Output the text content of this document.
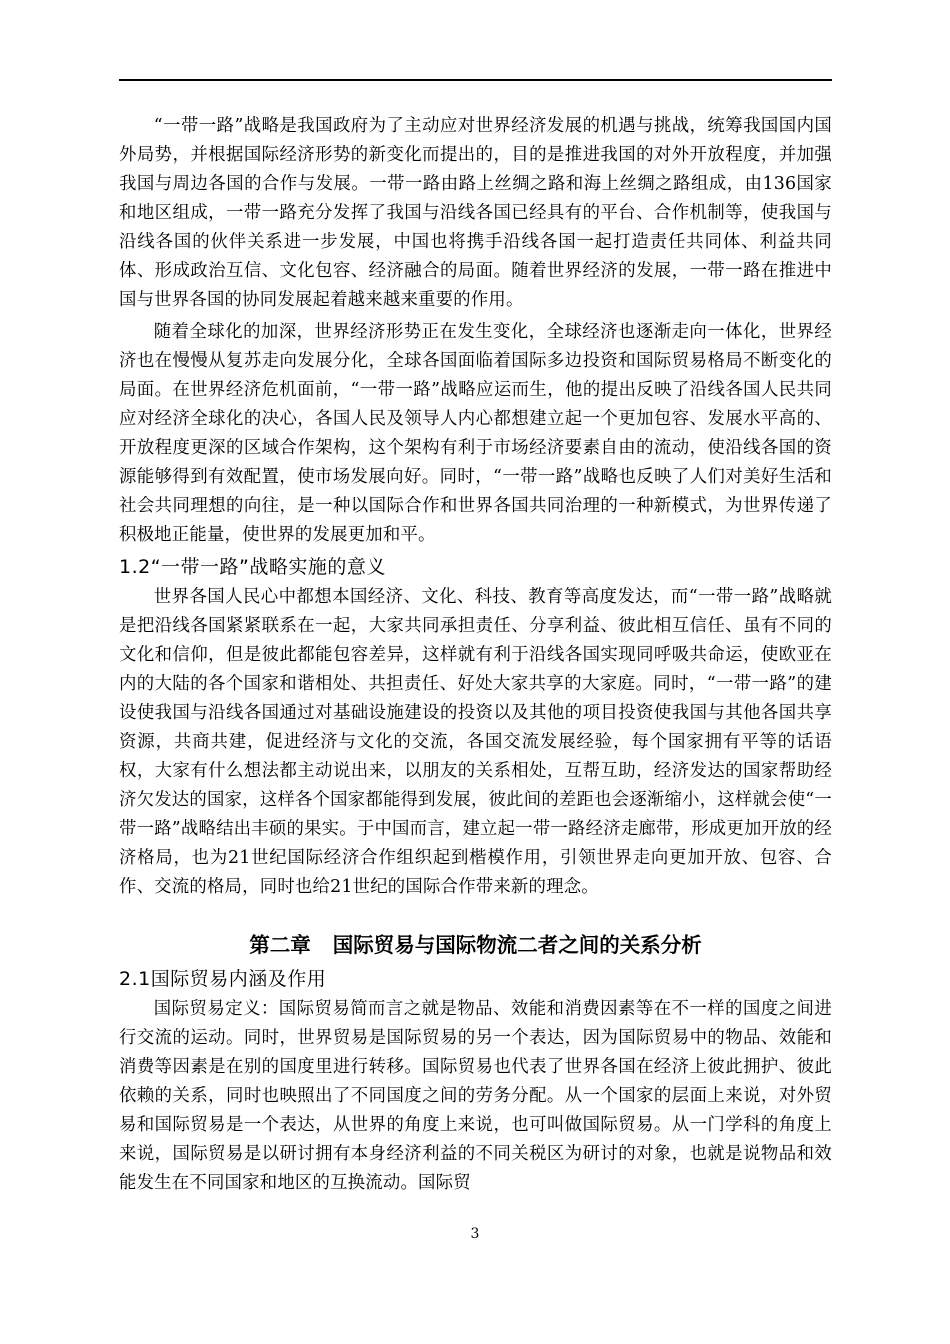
“一带一路”战略是我国政府为了主动应对世界经济发展的机遇与挑战，统筹我国国内国外局势，并根据国际经济形势的新变化而提出的，目的是推进我国的对外开放程度，并加强我国与周边各国的合作与发展。一带一路由路上丝绸之路和海上丝绸之路组成，由136国家和地区组成，一带一路充分发挥了我国与沿线各国已经具有的平台、合作机制等，使我国与沿线各国的伙伴关系进一步发展，中国也将携手沿线各国一起打造责任共同体、利益共同体、形成政治互信、文化包容、经济融合的局面。随着世界经济的发展，一带一路在推进中国与世界各国的协同发展起着越来越来重要的作用。

随着全球化的加深，世界经济形势正在发生变化，全球经济也逐渐走向一体化，世界经济也在慢慢从复苏走向发展分化，全球各国面临着国际多边投资和国际贸易格局不断变化的局面。在世界经济危机面前，“一带一路”战略应运而生，他的提出反映了沿线各国人民共同应对经济全球化的决心，各国人民及领导人内心都想建立起一个更加包容、发展水平高的、开放程度更深的区域合作架构，这个架构有利于市场经济要素自由的流动，使沿线各国的资源能够得到有效配置，使市场发展向好。同时，“一带一路”战略也反映了人们对美好生活和社会共同理想的向往，是一种以国际合作和世界各国共同治理的一种新模式，为世界传递了积极地正能量，使世界的发展更加和平。

1.2“一带一路”战略实施的意义

世界各国人民心中都想本国经济、文化、科技、教育等高度发达，而“一带一路”战略就是把沿线各国紧紧联系在一起，大家共同承担责任、分享利益、彼此相互信任、虽有不同的文化和信仰，但是彼此都能包容差异，这样就有利于沿线各国实现同呼吸共命运，使欧亚在内的大陆的各个国家和谐相处、共担责任、好处大家共享的大家庭。同时，“一带一路”的建设使我国与沿线各国通过对基础设施建设的投资以及其他的项目投资使我国与其他各国共享资源，共商共建，促进经济与文化的交流，各国交流发展经验，每个国家拥有平等的话语权，大家有什么想法都主动说出来，以朋友的关系相处，互帮互助，经济发达的国家帮助经济欠发达的国家，这样各个国家都能得到发展，彼此间的差距也会逐渐缩小，这样就会使“一带一路”战略结出丰硕的果实。于中国而言，建立起一带一路经济走廊带，形成更加开放的经济格局，也为21世纪国际经济合作组织起到楷模作用，引领世界走向更加开放、包容、合作、交流的格局，同时也给21世纪的国际合作带来新的理念。

第二章 国际贸易与国际物流二者之间的关系分析
2.1国际贸易内涵及作用

国际贸易定义：国际贸易简而言之就是物品、效能和消费因素等在不一样的国度之间进行交流的运动。同时，世界贸易是国际贸易的另一个表达，因为国际贸易中的物品、效能和消费等因素是在别的国度里进行转移。国际贸易也代表了世界各国在经济上彼此拥护、彼此依赖的关系，同时也映照出了不同国度之间的劳务分配。从一个国家的层面上来说，对外贸易和国际贸易是一个表达，从世界的角度上来说，也可叫做国际贸易。从一门学科的角度上来说，国际贸易是以研讨拥有本身经济利益的不同关税区为研讨的对象，也就是说物品和效能发生在不同国家和地区的互换流动。国际贸

3
